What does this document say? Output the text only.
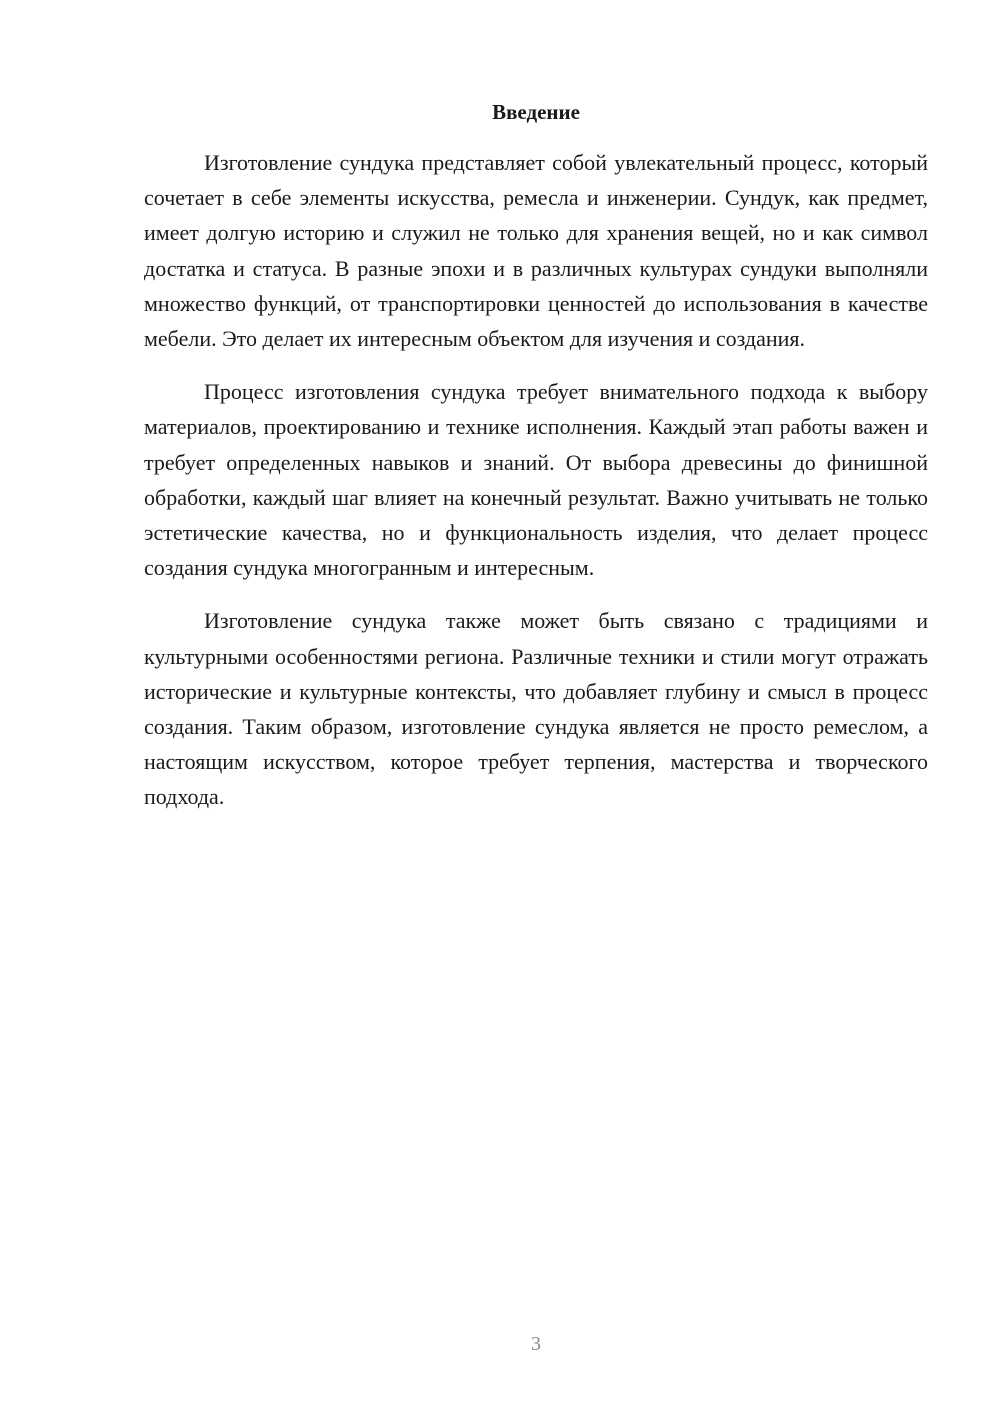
Введение

Изготовление сундука представляет собой увлекательный процесс, который сочетает в себе элементы искусства, ремесла и инженерии. Сундук, как предмет, имеет долгую историю и служил не только для хранения вещей, но и как символ достатка и статуса. В разные эпохи и в различных культурах сундуки выполняли множество функций, от транспортировки ценностей до использования в качестве мебели. Это делает их интересным объектом для изучения и создания.

Процесс изготовления сундука требует внимательного подхода к выбору материалов, проектированию и технике исполнения. Каждый этап работы важен и требует определенных навыков и знаний. От выбора древесины до финишной обработки, каждый шаг влияет на конечный результат. Важно учитывать не только эстетические качества, но и функциональность изделия, что делает процесс создания сундука многогранным и интересным.

Изготовление сундука также может быть связано с традициями и культурными особенностями региона. Различные техники и стили могут отражать исторические и культурные контексты, что добавляет глубину и смысл в процесс создания. Таким образом, изготовление сундука является не просто ремеслом, а настоящим искусством, которое требует терпения, мастерства и творческого подхода.

3
